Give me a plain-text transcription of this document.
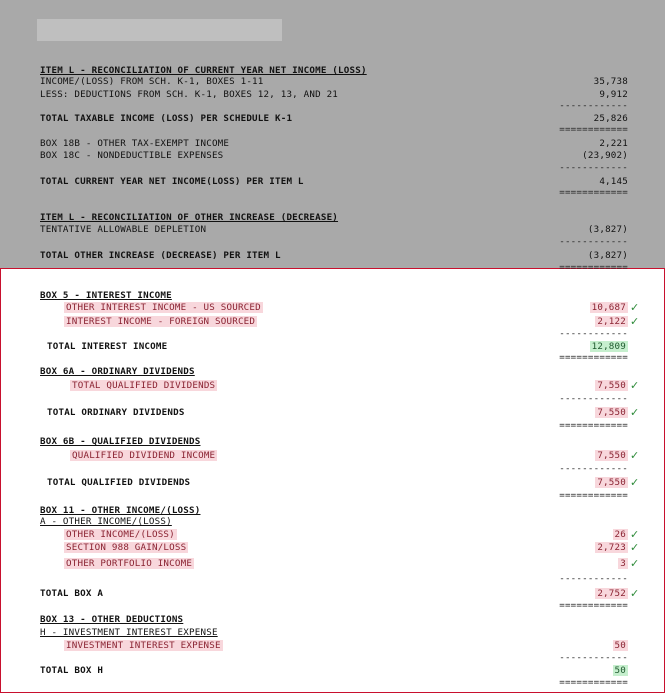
ITEM L - RECONCILIATION OF CURRENT YEAR NET INCOME (LOSS)
INCOME/(LOSS) FROM SCH. K-1, BOXES 1-11	35,738
LESS: DEDUCTIONS FROM SCH. K-1, BOXES 12, 13, AND 21	9,912
------------
TOTAL TAXABLE INCOME (LOSS) PER SCHEDULE K-1	25,826
============
BOX 18B - OTHER TAX-EXEMPT INCOME	2,221
BOX 18C - NONDEDUCTIBLE EXPENSES	(23,902)
------------
TOTAL CURRENT YEAR NET INCOME(LOSS) PER ITEM L	4,145
============
ITEM L - RECONCILIATION OF OTHER INCREASE (DECREASE)
TENTATIVE ALLOWABLE DEPLETION	(3,827)
------------
TOTAL OTHER INCREASE (DECREASE) PER ITEM L	(3,827)
============
BOX 5 - INTEREST INCOME
OTHER INTEREST INCOME - US SOURCED	10,687 ✓
INTEREST INCOME - FOREIGN SOURCED	2,122 ✓
------------
TOTAL INTEREST INCOME	12,809
============
BOX 6A - ORDINARY DIVIDENDS
TOTAL QUALIFIED DIVIDENDS	7,550 ✓
------------
TOTAL ORDINARY DIVIDENDS	7,550 ✓
============
BOX 6B - QUALIFIED DIVIDENDS
QUALIFIED DIVIDEND INCOME	7,550 ✓
------------
TOTAL QUALIFIED DIVIDENDS	7,550 ✓
============
BOX 11 - OTHER INCOME/(LOSS)
A - OTHER INCOME/(LOSS)
OTHER INCOME/(LOSS)	26 ✓
SECTION 988 GAIN/LOSS	2,723 ✓
OTHER PORTFOLIO INCOME	3 ✓
------------
TOTAL BOX A	2,752 ✓
============
BOX 13 - OTHER DEDUCTIONS
H - INVESTMENT INTEREST EXPENSE
INVESTMENT INTEREST EXPENSE	50
------------
TOTAL BOX H	50
============
